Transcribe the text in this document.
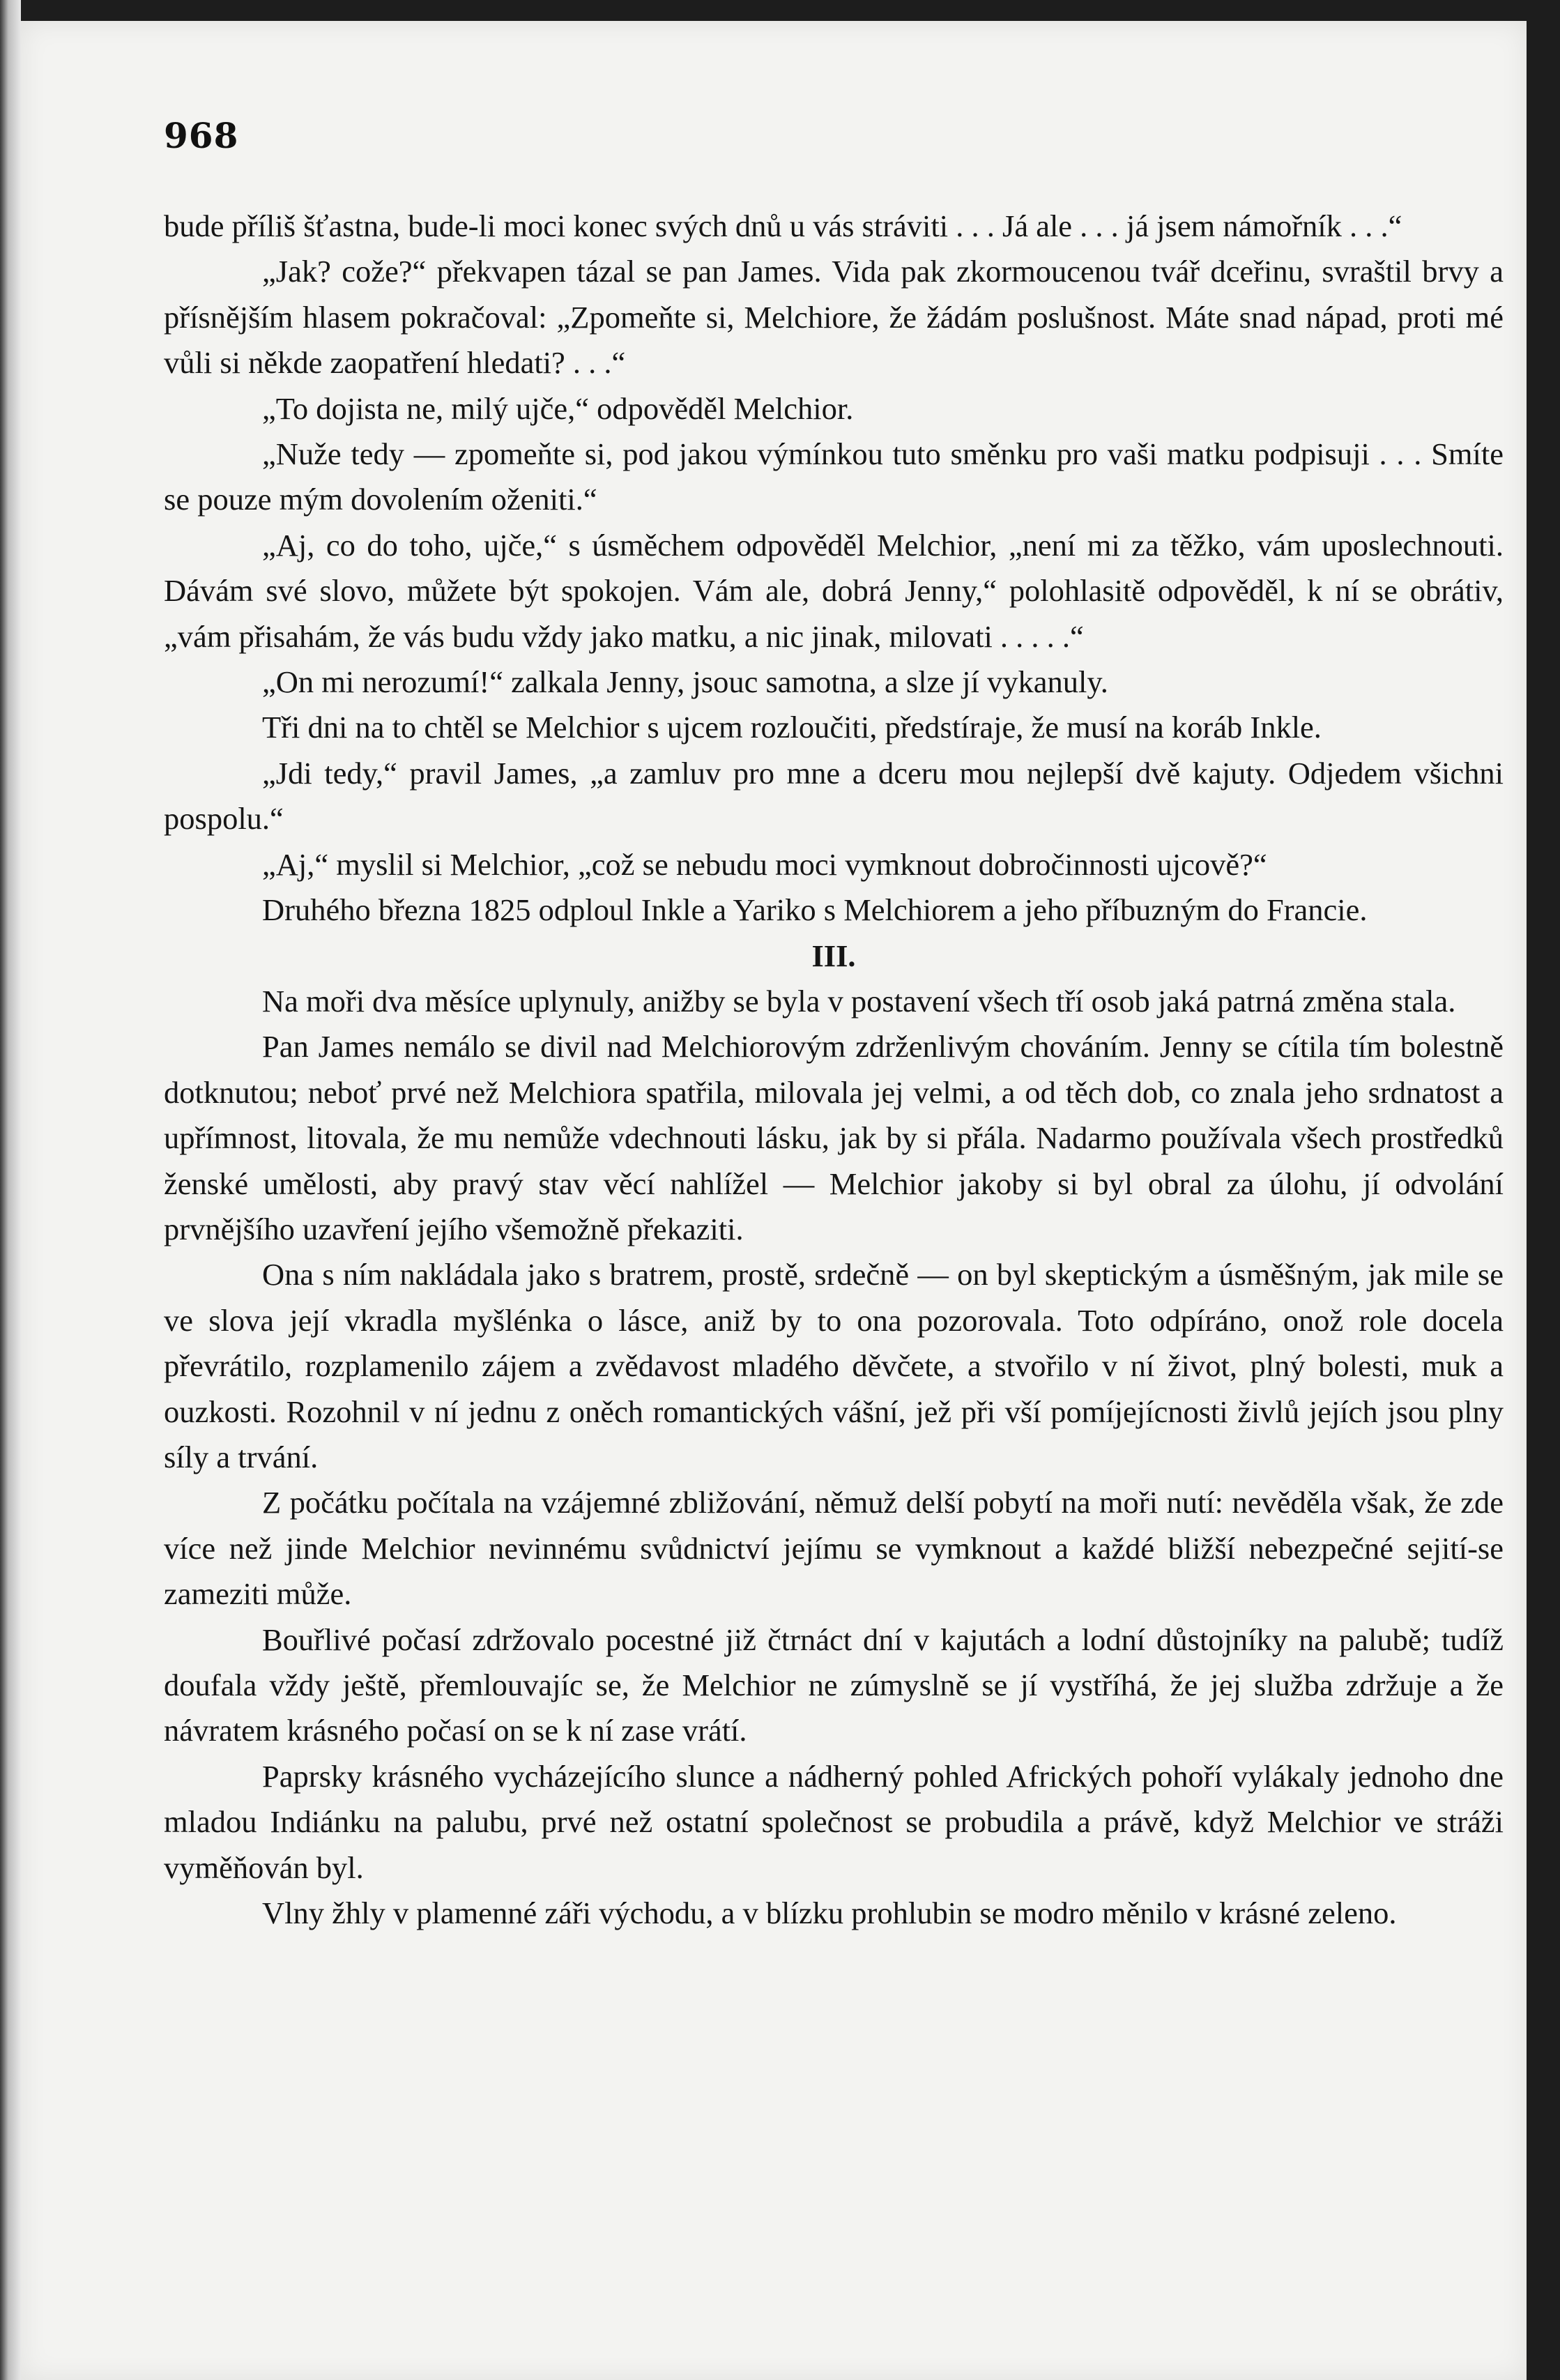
968

bude příliš šťastna, bude-li moci konec svých dnů u vás stráviti . . . Já ale . . . já jsem námořník . . .“

„Jak? cože?“ překvapen tázal se pan James. Vida pak zkormoucenou tvář dceřinu, svraštil brvy a přísnějším hlasem pokračoval: „Zpomeňte si, Melchiore, že žádám poslušnost. Máte snad nápad, proti mé vůli si někde zaopatření hledati? . . .“

„To dojista ne, milý ujče,“ odpověděl Melchior.

„Nuže tedy — zpomeňte si, pod jakou výmínkou tuto směnku pro vaši matku podpisuji . . . Smíte se pouze mým dovolením oženiti.“

„Aj, co do toho, ujče,“ s úsměchem odpověděl Melchior, „není mi za těžko, vám uposlechnouti. Dávám své slovo, můžete být spokojen. Vám ale, dobrá Jenny,“ polohlasitě odpověděl, k ní se obrátiv, „vám přisahám, že vás budu vždy jako matku, a nic jinak, milovati . . . . .“

„On mi nerozumí!“ zalkala Jenny, jsouc samotna, a slze jí vykanuly.

Tři dni na to chtěl se Melchior s ujcem rozloučiti, předstíraje, že musí na koráb Inkle.

„Jdi tedy,“ pravil James, „a zamluv pro mne a dceru mou nejlepší dvě kajuty. Odjedem všichni pospolu.“

„Aj,“ myslil si Melchior, „což se nebudu moci vymknout dobročinnosti ujcově?“

Druhého března 1825 odploul Inkle a Yariko s Melchiorem a jeho příbuzným do Francie.

III.

Na moři dva měsíce uplynuly, anižby se byla v postavení všech tří osob jaká patrná změna stala.

Pan James nemálo se divil nad Melchiorovým zdrženlivým chováním. Jenny se cítila tím bolestně dotknutou; neboť prvé než Melchiora spatřila, milovala jej velmi, a od těch dob, co znala jeho srdnatost a upřímnost, litovala, že mu nemůže vdechnouti lásku, jak by si přála. Nadarmo používala všech prostředků ženské umělosti, aby pravý stav věcí nahlížel — Melchior jakoby si byl obral za úlohu, jí odvolání prvnějšího uzavření jejího všemožně překaziti.

Ona s ním nakládala jako s bratrem, prostě, srdečně — on byl skeptickým a úsměšným, jak mile se ve slova její vkradla myšlénka o lásce, aniž by to ona pozorovala. Toto odpíráno, onož role docela převrátilo, rozplamenilo zájem a zvědavost mladého děvčete, a stvořilo v ní život, plný bolesti, muk a ouzkosti. Rozohnil v ní jednu z oněch romantických vášní, jež při vší pomíjejícnosti živlů jejích jsou plny síly a trvání.

Z počátku počítala na vzájemné zbližování, němuž delší pobytí na moři nutí: nevěděla však, že zde více než jinde Melchior nevinnému svůdnictví jejímu se vymknout a každé bližší nebezpečné sejití-se zameziti může.

Bouřlivé počasí zdržovalo pocestné již čtrnáct dní v kajutách a lodní důstojníky na palubě; tudíž doufala vždy ještě, přemlouvajíc se, že Melchior ne zúmyslně se jí vystříhá, že jej služba zdržuje a že návratem krásného počasí on se k ní zase vrátí.

Paprsky krásného vycházejícího slunce a nádherný pohled Afrických pohoří vylákaly jednoho dne mladou Indiánku na palubu, prvé než ostatní společnost se probudila a právě, když Melchior ve stráži vyměňován byl.

Vlny žhly v plamenné záři východu, a v blízku prohlubin se modro měnilo v krásné zeleno.
